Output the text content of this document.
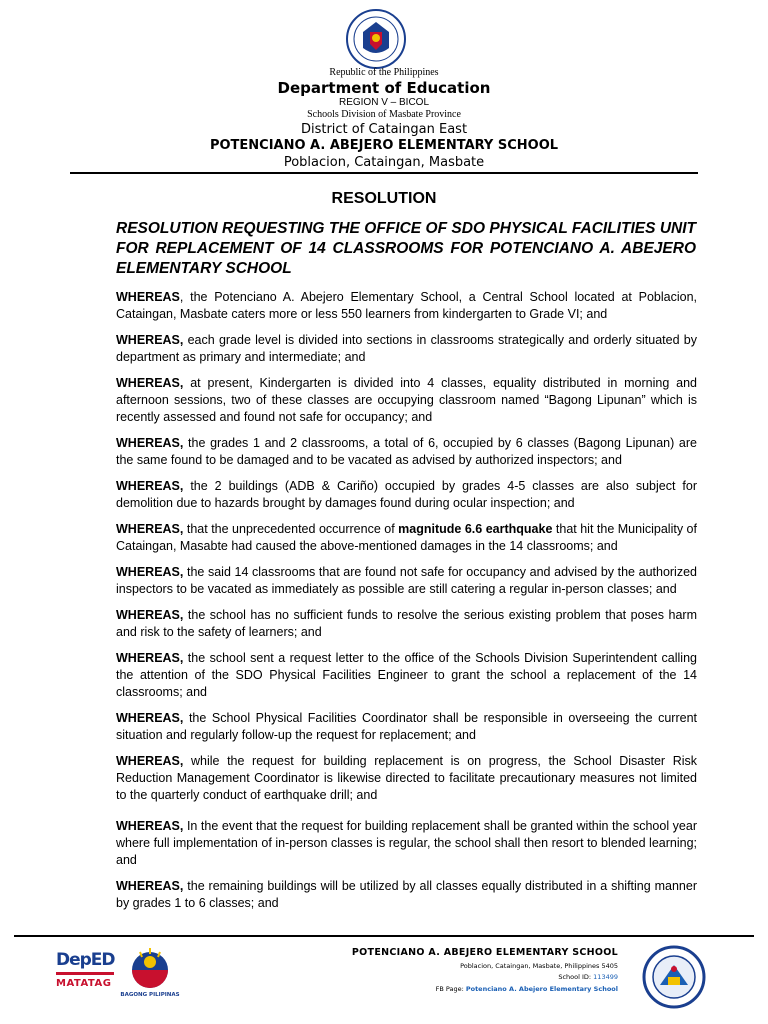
Republic of the Philippines
Department of Education
REGION V – BICOL
Schools Division of Masbate Province
District of Cataingan East
POTENCIANO A. ABEJERO ELEMENTARY SCHOOL
Poblacion, Cataingan, Masbate
RESOLUTION
RESOLUTION REQUESTING THE OFFICE OF SDO PHYSICAL FACILITIES UNIT FOR REPLACEMENT OF 14 CLASSROOMS FOR POTENCIANO A. ABEJERO ELEMENTARY SCHOOL

WHEREAS, the Potenciano A. Abejero Elementary School, a Central School located at Poblacion, Cataingan, Masbate caters more or less 550 learners from kindergarten to Grade VI; and

WHEREAS, each grade level is divided into sections in classrooms strategically and orderly situated by department as primary and intermediate; and

WHEREAS, at present, Kindergarten is divided into 4 classes, equality distributed in morning and afternoon sessions, two of these classes are occupying classroom named “Bagong Lipunan” which is recently assessed and found not safe for occupancy; and

WHEREAS, the grades 1 and 2 classrooms, a total of 6, occupied by 6 classes (Bagong Lipunan) are the same found to be damaged and to be vacated as advised by authorized inspectors; and

WHEREAS, the 2 buildings (ADB & Cariño) occupied by grades 4-5 classes are also subject for demolition due to hazards brought by damages found during ocular inspection; and

WHEREAS, that the unprecedented occurrence of magnitude 6.6 earthquake that hit the Municipality of Cataingan, Masabte had caused the above-mentioned damages in the 14 classrooms; and

WHEREAS, the said 14 classrooms that are found not safe for occupancy and advised by the authorized inspectors to be vacated as immediately as possible are still catering a regular in-person classes; and

WHEREAS, the school has no sufficient funds to resolve the serious existing problem that poses harm and risk to the safety of learners; and

WHEREAS, the school sent a request letter to the office of the Schools Division Superintendent calling the attention of the SDO Physical Facilities Engineer to grant the school a replacement of the 14 classrooms; and

WHEREAS, the School Physical Facilities Coordinator shall be responsible in overseeing the current situation and regularly follow-up the request for replacement; and

WHEREAS, while the request for building replacement is on progress, the School Disaster Risk Reduction Management Coordinator is likewise directed to facilitate precautionary measures not limited to the quarterly conduct of earthquake drill; and

WHEREAS, In the event that the request for building replacement shall be granted within the school year where full implementation of in-person classes is regular, the school shall then resort to blended learning; and

WHEREAS, the remaining buildings will be utilized by all classes equally distributed in a shifting manner by grades 1 to 6 classes; and

DepED
MATATAG
BAGONG PILIPINAS
POTENCIANO A. ABEJERO ELEMENTARY SCHOOL
Poblacion, Cataingan, Masbate, Philippines 5405
School ID: 113499
FB Page: Potenciano A. Abejero Elementary School
